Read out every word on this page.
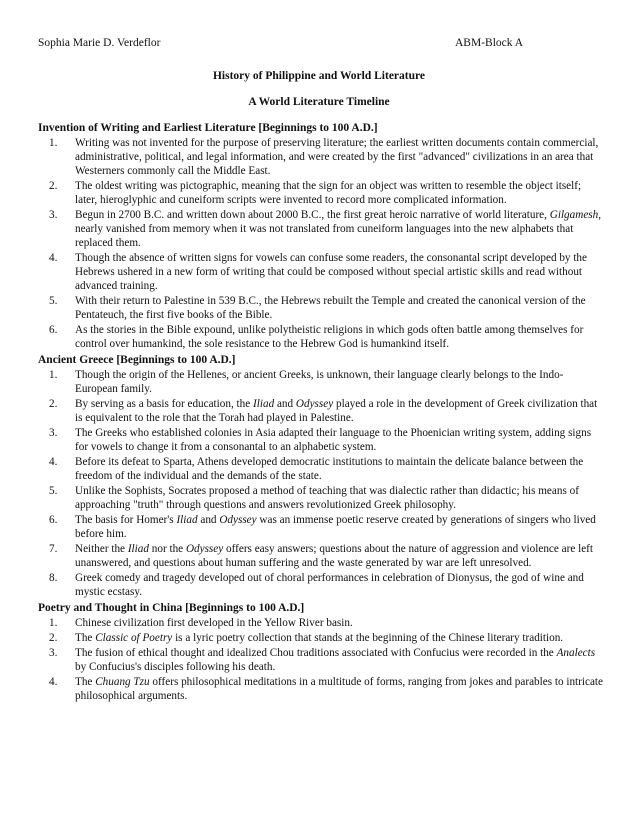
Sophia Marie D. Verdeflor	ABM-Block A
History of Philippine and World Literature
A World Literature Timeline
Invention of Writing and Earliest Literature [Beginnings to 100 A.D.]
1. Writing was not invented for the purpose of preserving literature; the earliest written documents contain commercial, administrative, political, and legal information, and were created by the first "advanced" civilizations in an area that Westerners commonly call the Middle East.
2. The oldest writing was pictographic, meaning that the sign for an object was written to resemble the object itself; later, hieroglyphic and cuneiform scripts were invented to record more complicated information.
3. Begun in 2700 B.C. and written down about 2000 B.C., the first great heroic narrative of world literature, Gilgamesh, nearly vanished from memory when it was not translated from cuneiform languages into the new alphabets that replaced them.
4. Though the absence of written signs for vowels can confuse some readers, the consonantal script developed by the Hebrews ushered in a new form of writing that could be composed without special artistic skills and read without advanced training.
5. With their return to Palestine in 539 B.C., the Hebrews rebuilt the Temple and created the canonical version of the Pentateuch, the first five books of the Bible.
6. As the stories in the Bible expound, unlike polytheistic religions in which gods often battle among themselves for control over humankind, the sole resistance to the Hebrew God is humankind itself.
Ancient Greece [Beginnings to 100 A.D.]
1. Though the origin of the Hellenes, or ancient Greeks, is unknown, their language clearly belongs to the Indo-European family.
2. By serving as a basis for education, the Iliad and Odyssey played a role in the development of Greek civilization that is equivalent to the role that the Torah had played in Palestine.
3. The Greeks who established colonies in Asia adapted their language to the Phoenician writing system, adding signs for vowels to change it from a consonantal to an alphabetic system.
4. Before its defeat to Sparta, Athens developed democratic institutions to maintain the delicate balance between the freedom of the individual and the demands of the state.
5. Unlike the Sophists, Socrates proposed a method of teaching that was dialectic rather than didactic; his means of approaching "truth" through questions and answers revolutionized Greek philosophy.
6. The basis for Homer's Iliad and Odyssey was an immense poetic reserve created by generations of singers who lived before him.
7. Neither the Iliad nor the Odyssey offers easy answers; questions about the nature of aggression and violence are left unanswered, and questions about human suffering and the waste generated by war are left unresolved.
8. Greek comedy and tragedy developed out of choral performances in celebration of Dionysus, the god of wine and mystic ecstasy.
Poetry and Thought in China [Beginnings to 100 A.D.]
1. Chinese civilization first developed in the Yellow River basin.
2. The Classic of Poetry is a lyric poetry collection that stands at the beginning of the Chinese literary tradition.
3. The fusion of ethical thought and idealized Chou traditions associated with Confucius were recorded in the Analects by Confucius's disciples following his death.
4. The Chuang Tzu offers philosophical meditations in a multitude of forms, ranging from jokes and parables to intricate philosophical arguments.
